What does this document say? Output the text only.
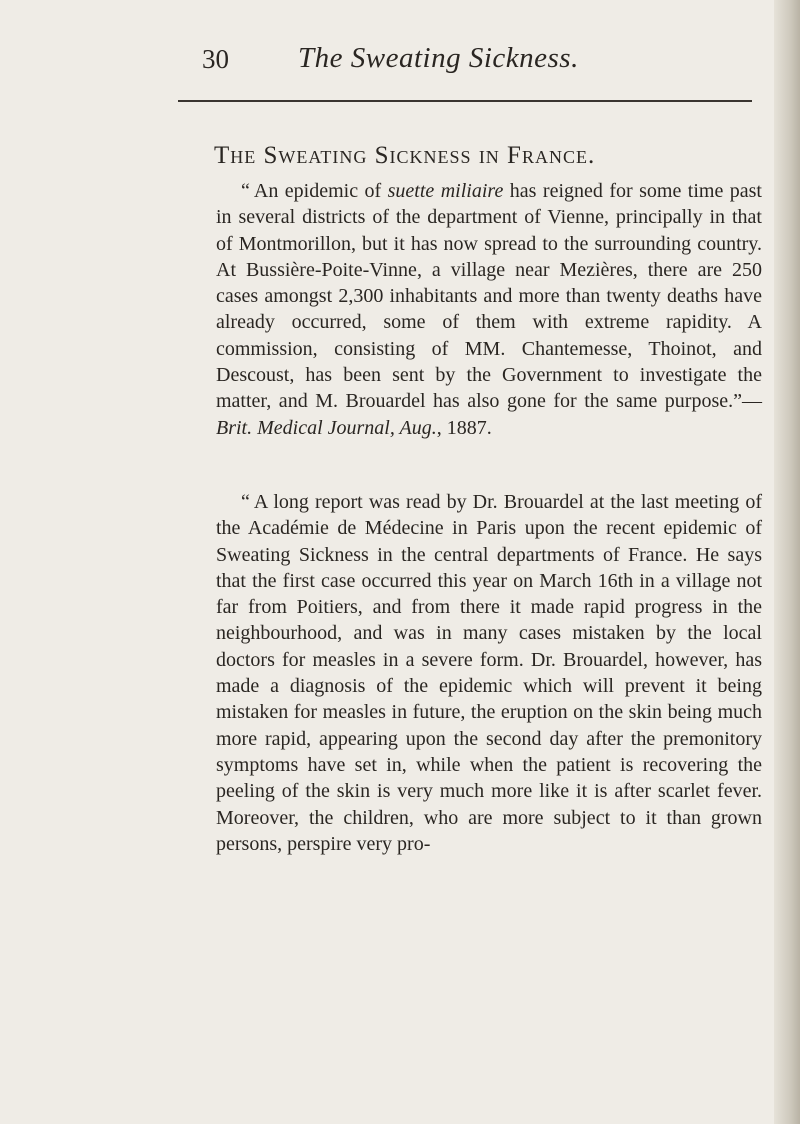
30 The Sweating Sickness.
The Sweating Sickness in France.

“ An epidemic of suette miliaire has reigned for some time past in several districts of the department of Vienne, principally in that of Montmorillon, but it has now spread to the surrounding country. At Bussière-Poite-Vinne, a village near Mezières, there are 250 cases amongst 2,300 inhabitants and more than twenty deaths have already occurred, some of them with extreme rapidity. A commission, consisting of MM. Chantemesse, Thoinot, and Descoust, has been sent by the Government to investigate the matter, and M. Brouardel has also gone for the same purpose.”—Brit. Medical Journal, Aug., 1887.

“ A long report was read by Dr. Brouardel at the last meeting of the Académie de Médecine in Paris upon the recent epidemic of Sweating Sickness in the central departments of France. He says that the first case occurred this year on March 16th in a village not far from Poitiers, and from there it made rapid progress in the neighbourhood, and was in many cases mistaken by the local doctors for measles in a severe form. Dr. Brouardel, however, has made a diagnosis of the epidemic which will prevent it being mistaken for measles in future, the eruption on the skin being much more rapid, appearing upon the second day after the premonitory symptoms have set in, while when the patient is recovering the peeling of the skin is very much more like it is after scarlet fever. Moreover, the children, who are more subject to it than grown persons, perspire very pro-
